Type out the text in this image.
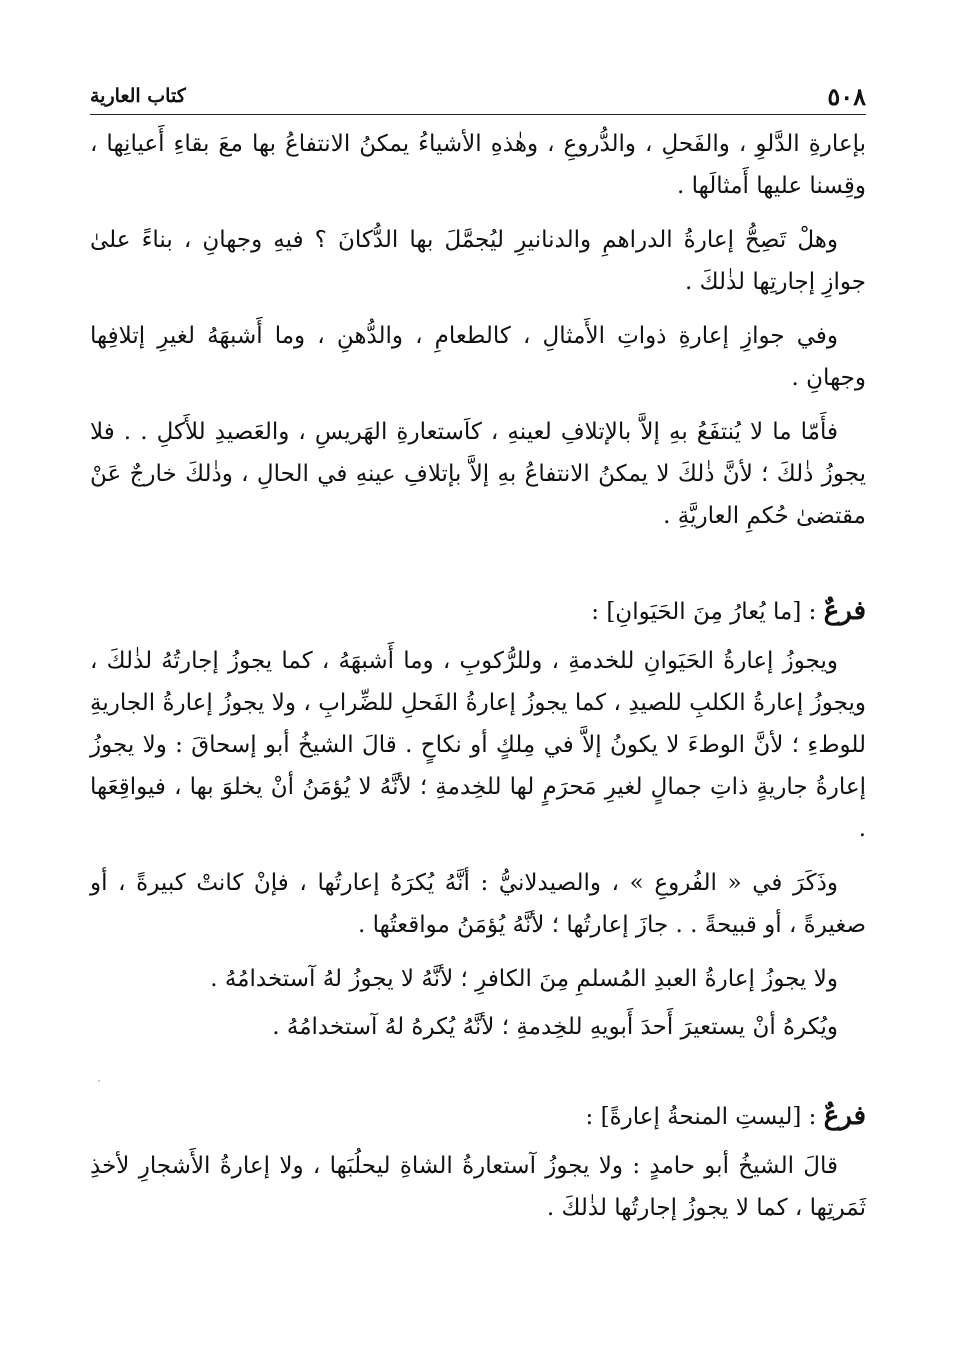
كتاب العارية	٥٠٨

بإعارةِ الدَّلوِ ، والفَحلِ ، والدُّروعِ ، وهٰذهِ الأشياءُ يمكنُ الانتفاعُ بها معَ بقاءِ أَعيانِها ، وقِسنا عليها أَمثالَها .

وهلْ تَصِحُّ إعارةُ الدراهمِ والدنانيرِ ليُجمَّلَ بها الدُّكانَ ؟ فيهِ وجهانِ ، بناءً علىٰ جوازِ إجارتِها لذٰلكَ .

وفي جوازِ إعارةِ ذواتِ الأَمثالِ ، كالطعامِ ، والدُّهنِ ، وما أَشبهَهُ لغيرِ إتلافِها وجهانِ .

فأَمّا ما لا يُنتفَعُ بهِ إلاَّ بالإتلافِ لعينهِ ، كاَستعارةِ الهَريسِ ، والعَصيدِ للأَكلِ . . فلا يجوزُ ذٰلكَ ؛ لأنَّ ذٰلكَ لا يمكنُ الانتفاعُ بهِ إلاَّ بإتلافِ عينهِ في الحالِ ، وذٰلكَ خارجٌ عَنْ مقتضىٰ حُكمِ العاريَّةِ .

فرعٌ : [ما يُعارُ مِنَ الحَيَوانِ] :

ويجوزُ إعارةُ الحَيَوانِ للخدمةِ ، وللرُّكوبِ ، وما أَشبهَهُ ، كما يجوزُ إجارتُهُ لذٰلكَ ، ويجوزُ إعارةُ الكلبِ للصيدِ ، كما يجوزُ إعارةُ الفَحلِ للضِّرابِ ، ولا يجوزُ إعارةُ الجاريةِ للوطءِ ؛ لأنَّ الوطءَ لا يكونُ إلاَّ في مِلكٍ أو نكاحٍ . قالَ الشيخُ أبو إسحاقَ : ولا يجوزُ إعارةُ جاريةٍ ذاتِ جمالٍ لغيرِ مَحرَمٍ لها للخِدمةِ ؛ لأنَّهُ لا يُؤمَنُ أنْ يخلوَ بها ، فيواقِعَها .

وذَكَرَ في « الفُروعِ » ، والصيدلانيُّ : أنَّهُ يُكرَهُ إعارتُها ، فإنْ كانتْ كبيرةً ، أو صغيرةً ، أو قبيحةً . . جازَ إعارتُها ؛ لأنَّهُ يُؤمَنُ مواقعتُها .

ولا يجوزُ إعارةُ العبدِ المُسلمِ مِنَ الكافرِ ؛ لأنَّهُ لا يجوزُ لهُ آستخدامُهُ .

ويُكرهُ أنْ يستعيرَ أَحدَ أَبويهِ للخِدمةِ ؛ لأنَّهُ يُكرهُ لهُ آستخدامُهُ .

فرعٌ : [ليستِ المنحةُ إعارةً] :

قالَ الشيخُ أبو حامدٍ : ولا يجوزُ آستعارةُ الشاةِ ليحلُبَها ، ولا إعارةُ الأَشجارِ لأخذِ ثَمَرتِها ، كما لا يجوزُ إجارتُها لذٰلكَ .
